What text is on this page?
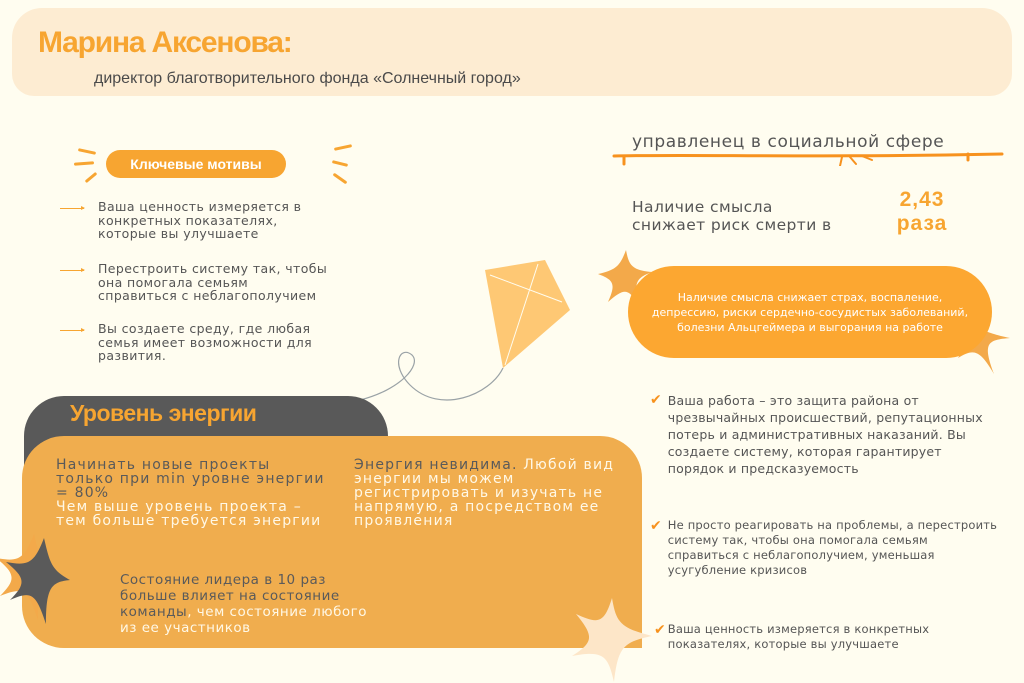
Марина Аксенова:
директор благотворительного фонда «Солнечный город»
Ключевые мотивы
Ваша ценность измеряется в конкретных показателях, которые вы улучшаете
Перестроить систему так, чтобы она помогала семьям справиться с неблагополучием
Вы создаете среду, где любая семья имеет возможности для развития.
управленец в социальной сфере
Наличие смысла
снижает риск смерти в
2,43
раза
Наличие смысла снижает страх, воспаление, депрессию, риски сердечно-сосудистых заболеваний, болезни Альцгеймера и выгорания на работе
✔ Ваша работа – это защита района от чрезвычайных происшествий, репутационных потерь и административных наказаний. Вы создаете систему, которая гарантирует порядок и предсказуемость
✔ Не просто реагировать на проблемы, а перестроить систему так, чтобы она помогала семьям справиться с неблагополучием, уменьшая усугубление кризисов
✔ Ваша ценность измеряется в конкретных показателях, которые вы улучшаете
Уровень энергии
Начинать новые проекты только при min уровне энергии = 80%
Чем выше уровень проекта – тем больше требуется энергии
Энергия невидима. Любой вид энергии мы можем регистрировать и изучать не напрямую, а посредством ее проявления
Состояние лидера в 10 раз больше влияет на состояние команды, чем состояние любого из ее участников
